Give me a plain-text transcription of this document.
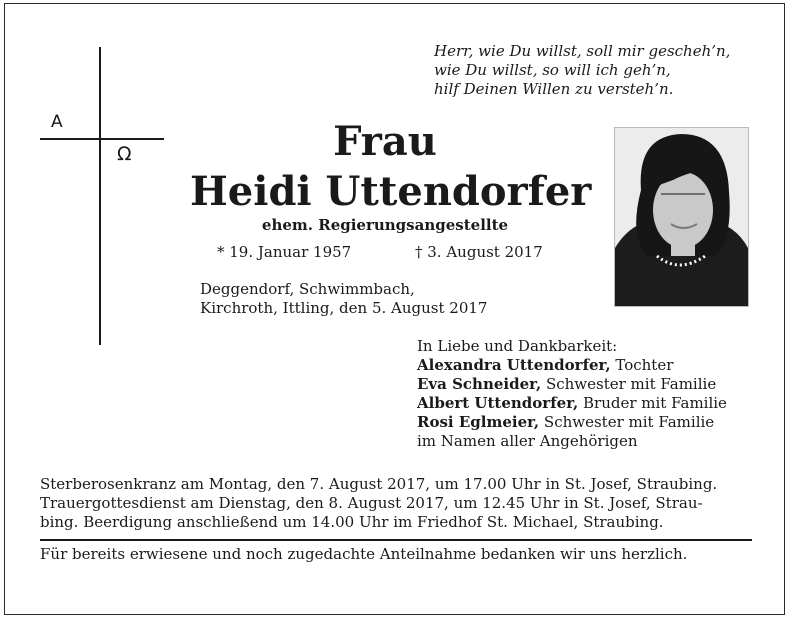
A
Ω
Herr, wie Du willst, soll mir gescheh’n,
wie Du willst, so will ich geh’n,
hilf Deinen Willen zu versteh’n.
Frau
Heidi Uttendorfer
ehem. Regierungsangestellte
* 19. Januar 1957	† 3. August 2017
Deggendorf, Schwimmbach,
Kirchroth, Ittling, den 5. August 2017
In Liebe und Dankbarkeit:
Alexandra Uttendorfer, Tochter
Eva Schneider, Schwester mit Familie
Albert Uttendorfer, Bruder mit Familie
Rosi Eglmeier, Schwester mit Familie
im Namen aller Angehörigen
Sterberosenkranz am Montag, den 7. August 2017, um 17.00 Uhr in St. Josef, Straubing.
Trauergottesdienst am Dienstag, den 8. August 2017, um 12.45 Uhr in St. Josef, Strau-
bing. Beerdigung anschließend um 14.00 Uhr im Friedhof St. Michael, Straubing.
Für bereits erwiesene und noch zugedachte Anteilnahme bedanken wir uns herzlich.
